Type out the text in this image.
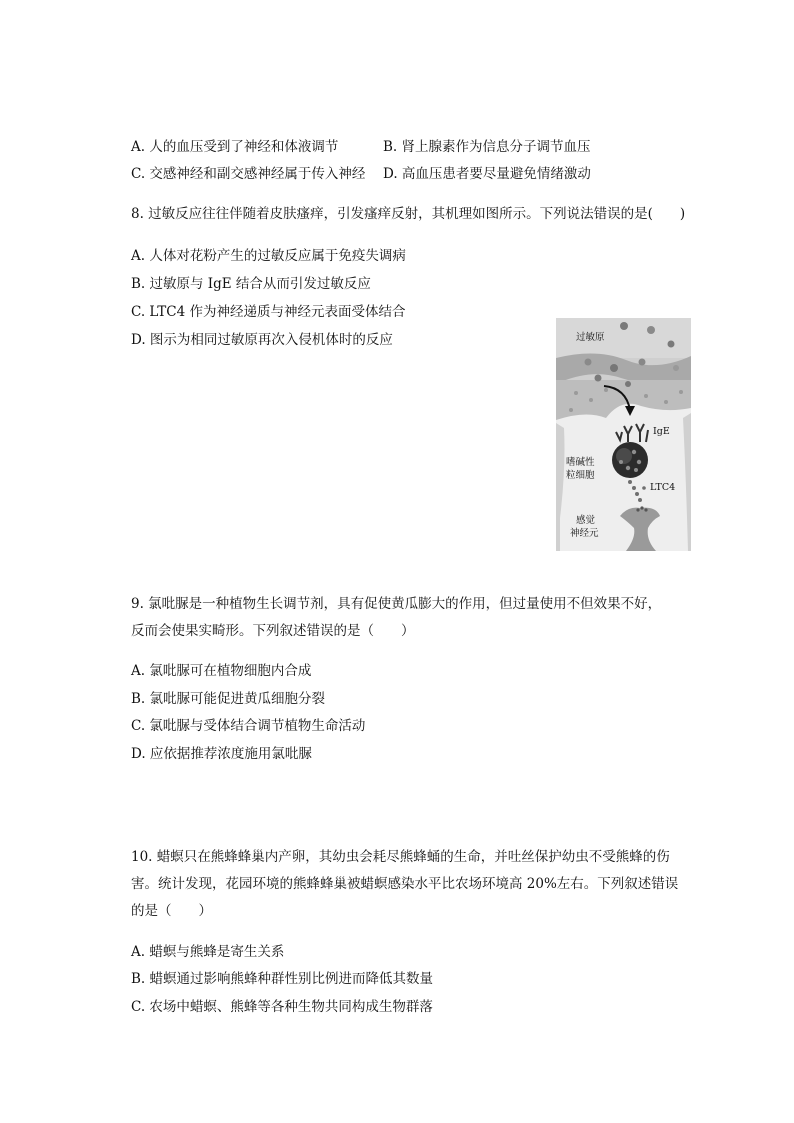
A. 人的血压受到了神经和体液调节	B. 肾上腺素作为信息分子调节血压
C. 交感神经和副交感神经属于传入神经 D. 高血压患者要尽量避免情绪激动
8. 过敏反应往往伴随着皮肤瘙痒，引发瘙痒反射，其机理如图所示。下列说法错误的是(　　)
A. 人体对花粉产生的过敏反应属于免疫失调病
B. 过敏原与 IgE 结合从而引发过敏反应
C. LTC4 作为神经递质与神经元表面受体结合
D. 图示为相同过敏原再次入侵机体时的反应	过敏原
IgE
嗜碱性
粒细胞
LTC4
感觉
神经元
9. 氯吡脲是一种植物生长调节剂，具有促使黄瓜膨大的作用，但过量使用不但效果不好，
反而会使果实畸形。下列叙述错误的是（　　）
A. 氯吡脲可在植物细胞内合成
B. 氯吡脲可能促进黄瓜细胞分裂
C. 氯吡脲与受体结合调节植物生命活动
D. 应依据推荐浓度施用氯吡脲
10. 蜡螟只在熊蜂蜂巢内产卵，其幼虫会耗尽熊蜂蛹的生命，并吐丝保护幼虫不受熊蜂的伤
害。统计发现，花园环境的熊蜂蜂巢被蜡螟感染水平比农场环境高 20%左右。下列叙述错误
的是（　　）
A. 蜡螟与熊蜂是寄生关系
B. 蜡螟通过影响熊蜂种群性别比例进而降低其数量
C. 农场中蜡螟、熊蜂等各种生物共同构成生物群落
